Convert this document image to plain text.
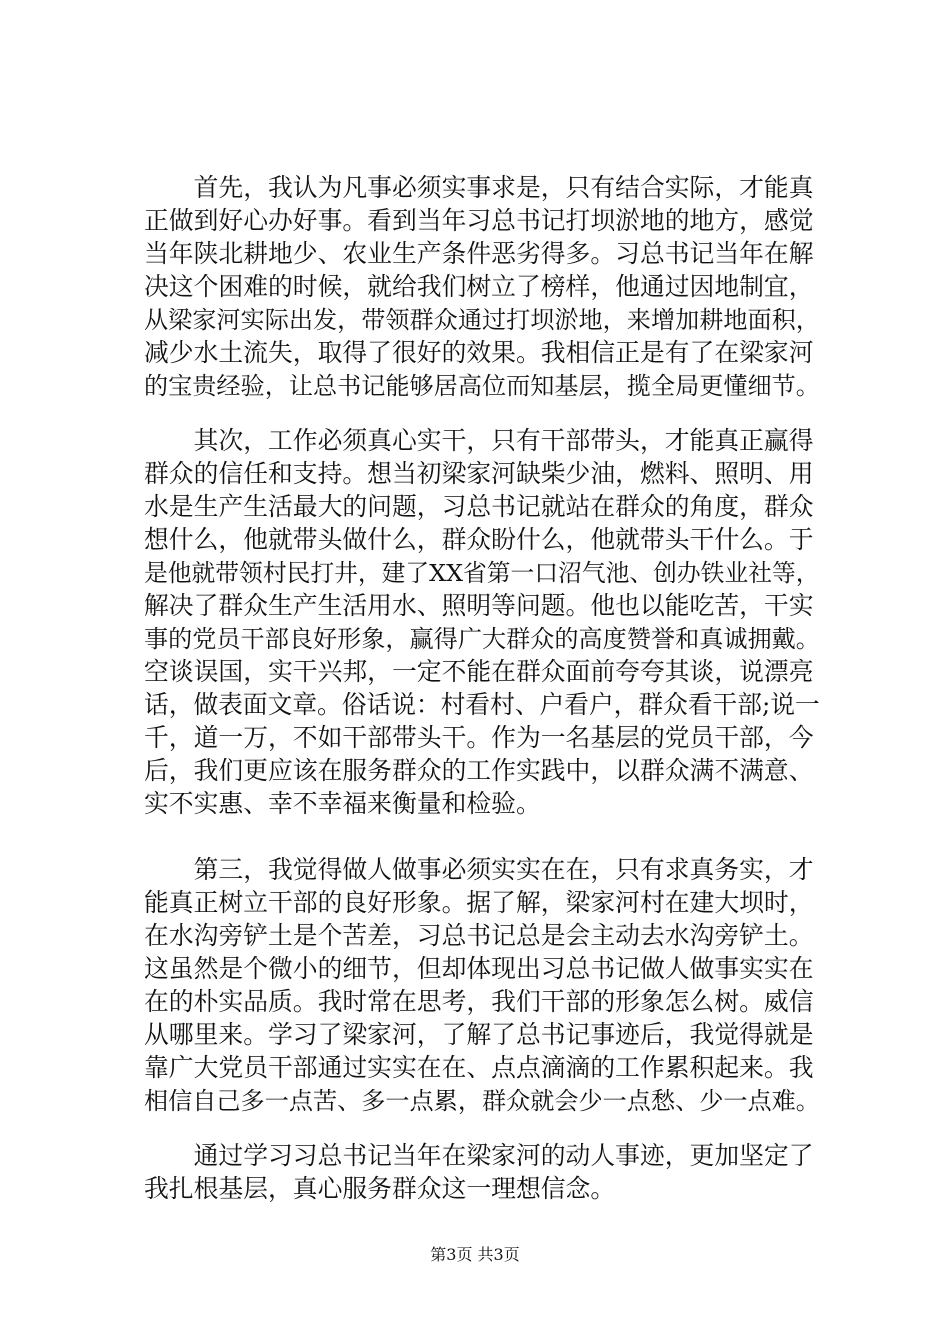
　　首先，我认为凡事必须实事求是，只有结合实际，才能真
正做到好心办好事。看到当年习总书记打坝淤地的地方，感觉
当年陕北耕地少、农业生产条件恶劣得多。习总书记当年在解
决这个困难的时候，就给我们树立了榜样，他通过因地制宜，
从梁家河实际出发，带领群众通过打坝淤地，来增加耕地面积，
减少水土流失，取得了很好的效果。我相信正是有了在梁家河
的宝贵经验，让总书记能够居高位而知基层，揽全局更懂细节。
　　其次，工作必须真心实干，只有干部带头，才能真正赢得
群众的信任和支持。想当初梁家河缺柴少油，燃料、照明、用
水是生产生活最大的问题，习总书记就站在群众的角度，群众
想什么，他就带头做什么，群众盼什么，他就带头干什么。于
是他就带领村民打井，建了XX省第一口沼气池、创办铁业社等，
解决了群众生产生活用水、照明等问题。他也以能吃苦，干实
事的党员干部良好形象，赢得广大群众的高度赞誉和真诚拥戴。
空谈误国，实干兴邦，一定不能在群众面前夸夸其谈，说漂亮
话，做表面文章。俗话说：村看村、户看户，群众看干部;说一
千，道一万，不如干部带头干。作为一名基层的党员干部，今
后，我们更应该在服务群众的工作实践中，以群众满不满意、
实不实惠、幸不幸福来衡量和检验。
　　第三，我觉得做人做事必须实实在在，只有求真务实，才
能真正树立干部的良好形象。据了解，梁家河村在建大坝时，
在水沟旁铲土是个苦差，习总书记总是会主动去水沟旁铲土。
这虽然是个微小的细节，但却体现出习总书记做人做事实实在
在的朴实品质。我时常在思考，我们干部的形象怎么树。威信
从哪里来。学习了梁家河，了解了总书记事迹后，我觉得就是
靠广大党员干部通过实实在在、点点滴滴的工作累积起来。我
相信自己多一点苦、多一点累，群众就会少一点愁、少一点难。
　　通过学习习总书记当年在梁家河的动人事迹，更加坚定了
我扎根基层，真心服务群众这一理想信念。
第3页 共3页
